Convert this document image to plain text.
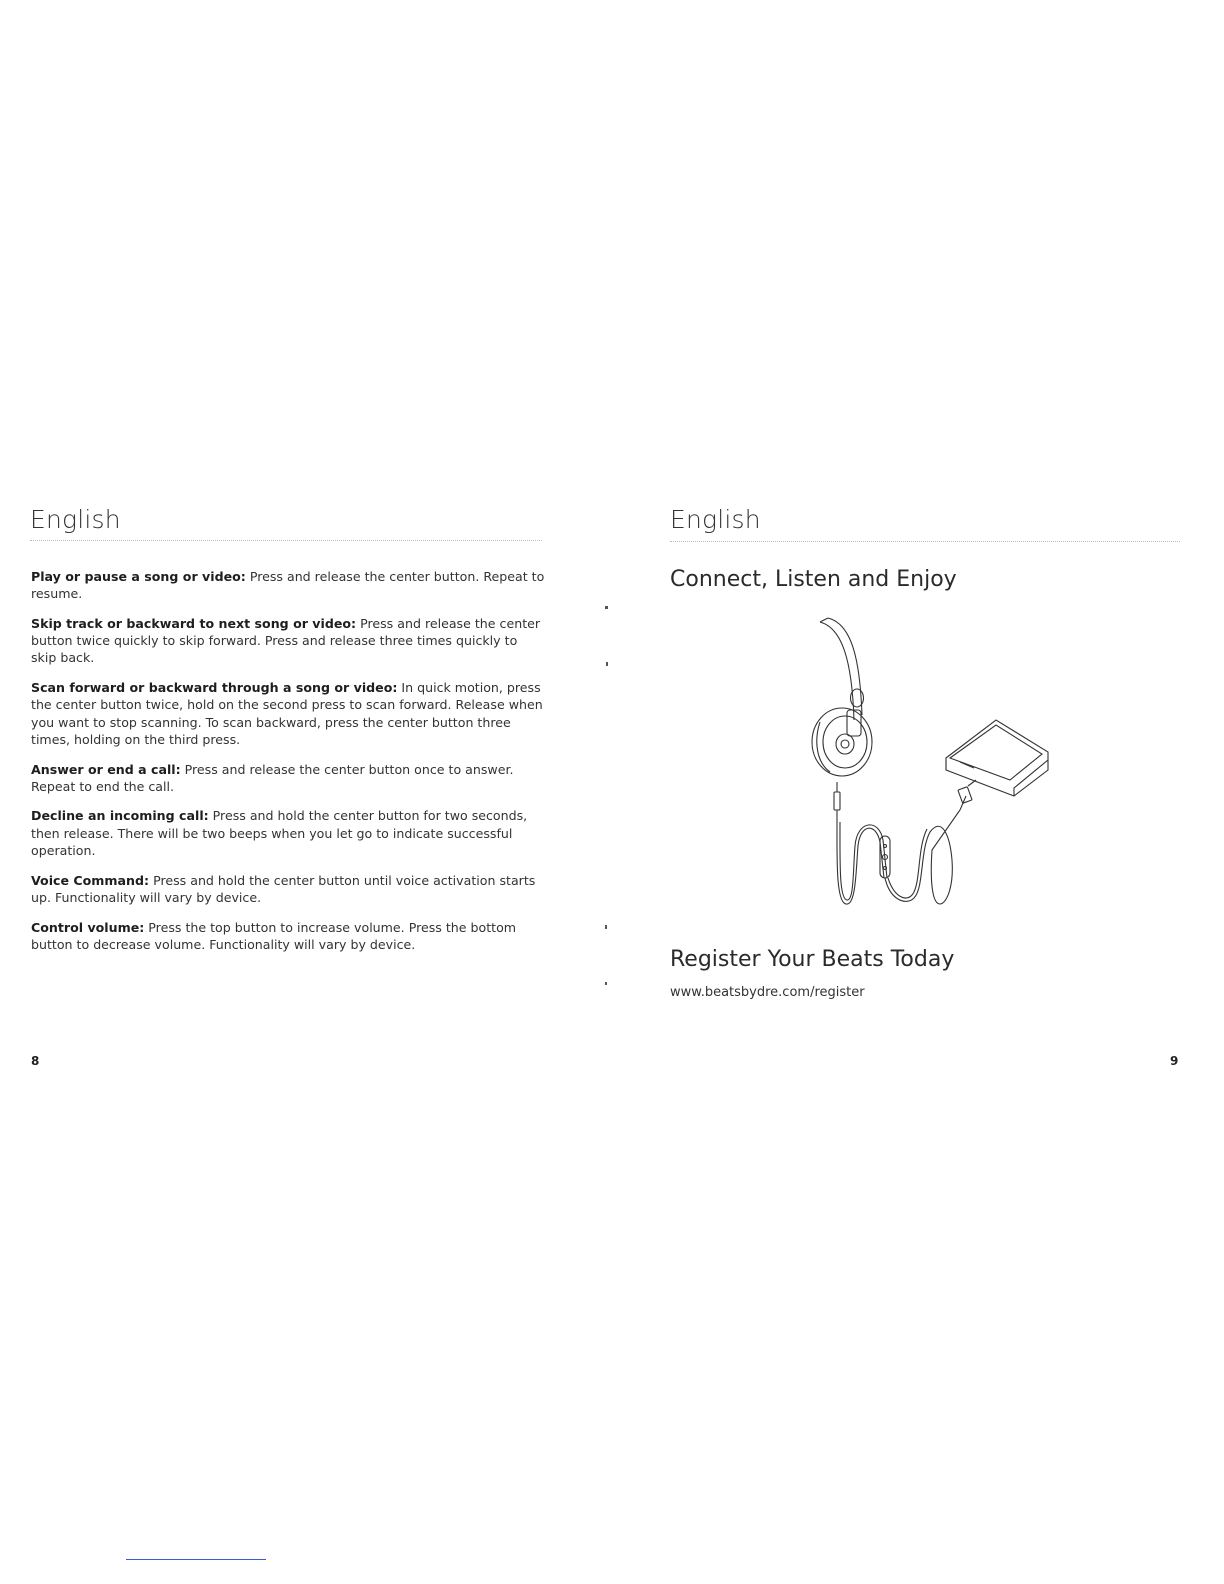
English

Play or pause a song or video: Press and release the center button. Repeat to resume.

Skip track or backward to next song or video: Press and release the center button twice quickly to skip forward. Press and release three times quickly to skip back.

Scan forward or backward through a song or video: In quick motion, press the center button twice, hold on the second press to scan forward. Release when you want to stop scanning. To scan backward, press the center button three times, holding on the third press.

Answer or end a call: Press and release the center button once to answer. Repeat to end the call.

Decline an incoming call: Press and hold the center button for two seconds, then release. There will be two beeps when you let go to indicate successful operation.

Voice Command: Press and hold the center button until voice activation starts up. Functionality will vary by device.

Control volume: Press the top button to increase volume. Press the bottom button to decrease volume. Functionality will vary by device.

8
English
Connect, Listen and Enjoy
Register Your Beats Today
www.beatsbydre.com/register
9
